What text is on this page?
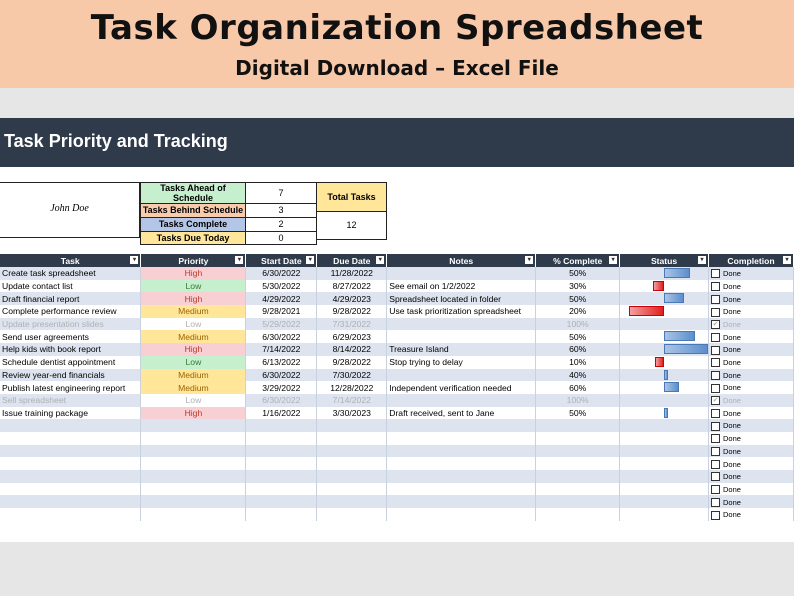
Task Organization Spreadsheet
Digital Download – Excel File
Task Priority and Tracking
John Doe
Tasks Ahead of Schedule	7
Tasks Behind Schedule	3
Tasks Complete	2
Tasks Due Today	0
Total Tasks
12
Task ▾	Priority ▾	Start Date ▾	Due Date ▾	Notes ▾	% Complete ▾	Status ▾	Completion ▾

Create task spreadsheet	High	6/30/2022	11/28/2022		50%		Done
Update contact list	Low	5/30/2022	8/27/2022	See email on 1/2/2022	30%		Done
Draft financial report	High	4/29/2022	4/29/2023	Spreadsheet located in folder	50%		Done
Complete performance review	Medium	9/28/2021	9/28/2022	Use task prioritization spreadsheet	20%		Done
Update presentation slides	Low	5/29/2022	7/31/2022		100%		✔ Done
Send user agreements	Medium	6/30/2022	6/29/2023		50%		Done
Help kids with book report	High	7/14/2022	8/14/2022	Treasure Island	60%		Done
Schedule dentist appointment	Low	6/13/2022	9/28/2022	Stop trying to delay	10%		Done
Review year-end financials	Medium	6/30/2022	7/30/2022		40%		Done
Publish latest engineering report	Medium	3/29/2022	12/28/2022	Independent verification needed	60%		Done
Sell spreadsheet	Low	6/30/2022	7/14/2022		100%		✔ Done
Issue training package	High	1/16/2022	3/30/2023	Draft received, sent to Jane	50%		Done
							Done
							Done
							Done
							Done
							Done
							Done
							Done
							Done
